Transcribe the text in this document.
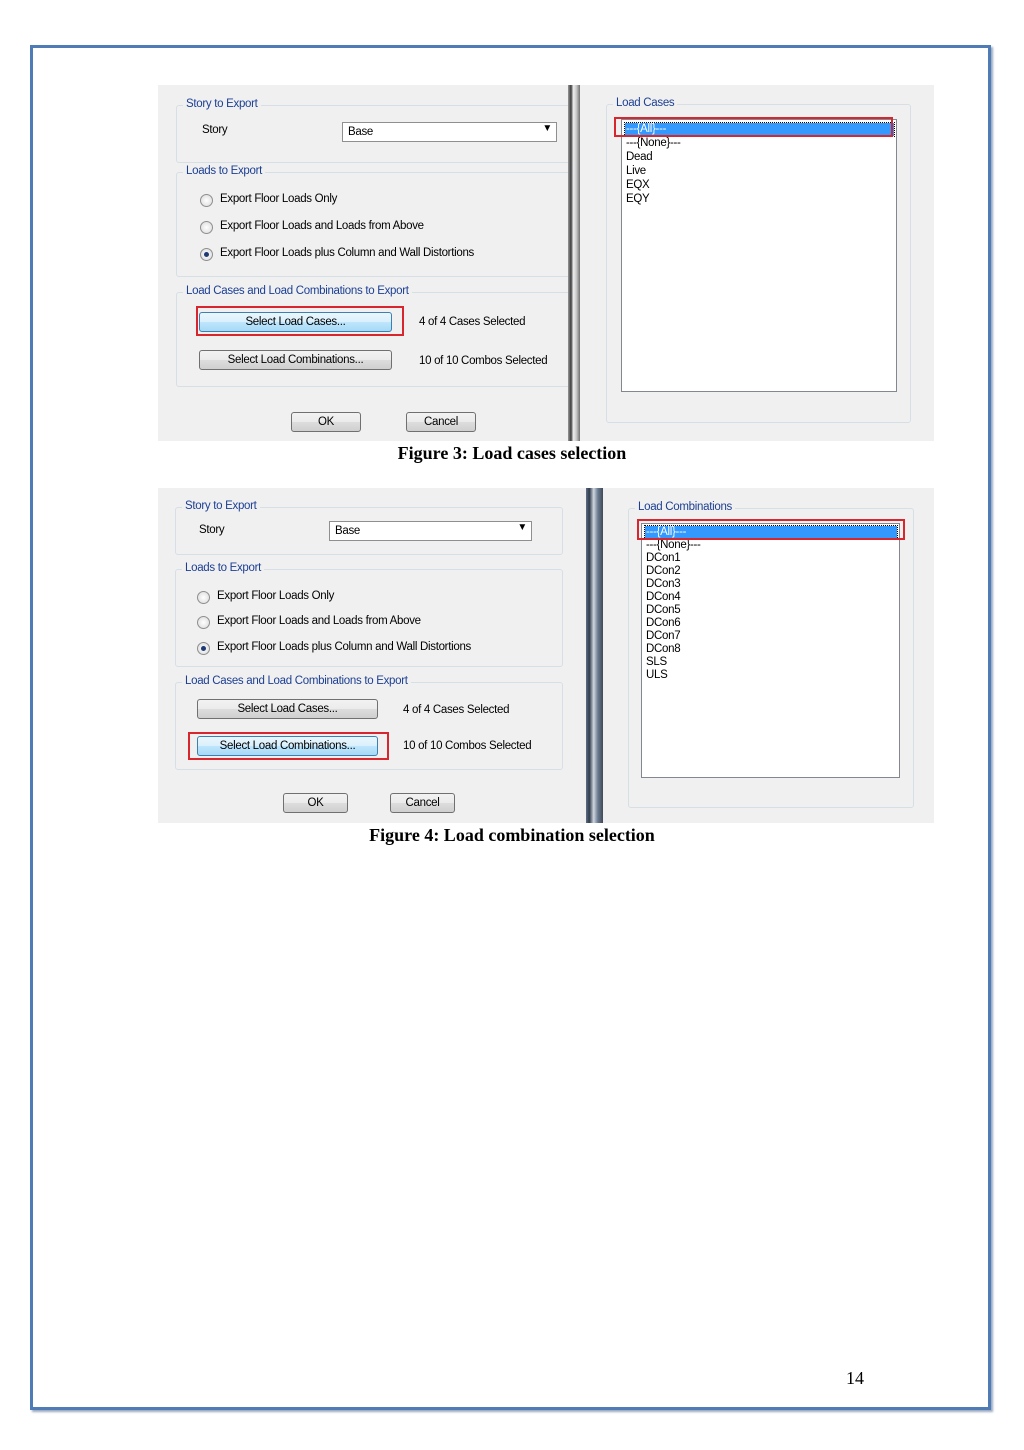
Story to Export
Story	Base	▼
Loads to Export
Export Floor Loads Only
Export Floor Loads and Loads from Above
Export Floor Loads plus Column and Wall Distortions
Load Cases and Load Combinations to Export
Select Load Cases...	4 of 4 Cases Selected
Select Load Combinations...	10 of 10 Combos Selected
OK	Cancel
Load Cases
---{All}---
---{None}---
Dead
Live
EQX
EQY
Figure 3: Load cases selection
Story to Export
Story	Base	▼
Loads to Export
Export Floor Loads Only
Export Floor Loads and Loads from Above
Export Floor Loads plus Column and Wall Distortions
Load Cases and Load Combinations to Export
Select Load Cases...	4 of 4 Cases Selected
Select Load Combinations...	10 of 10 Combos Selected
OK	Cancel
Load Combinations
---{All}---
---{None}---
DCon1
DCon2
DCon3
DCon4
DCon5
DCon6
DCon7
DCon8
SLS
ULS
Figure 4: Load combination selection
14
